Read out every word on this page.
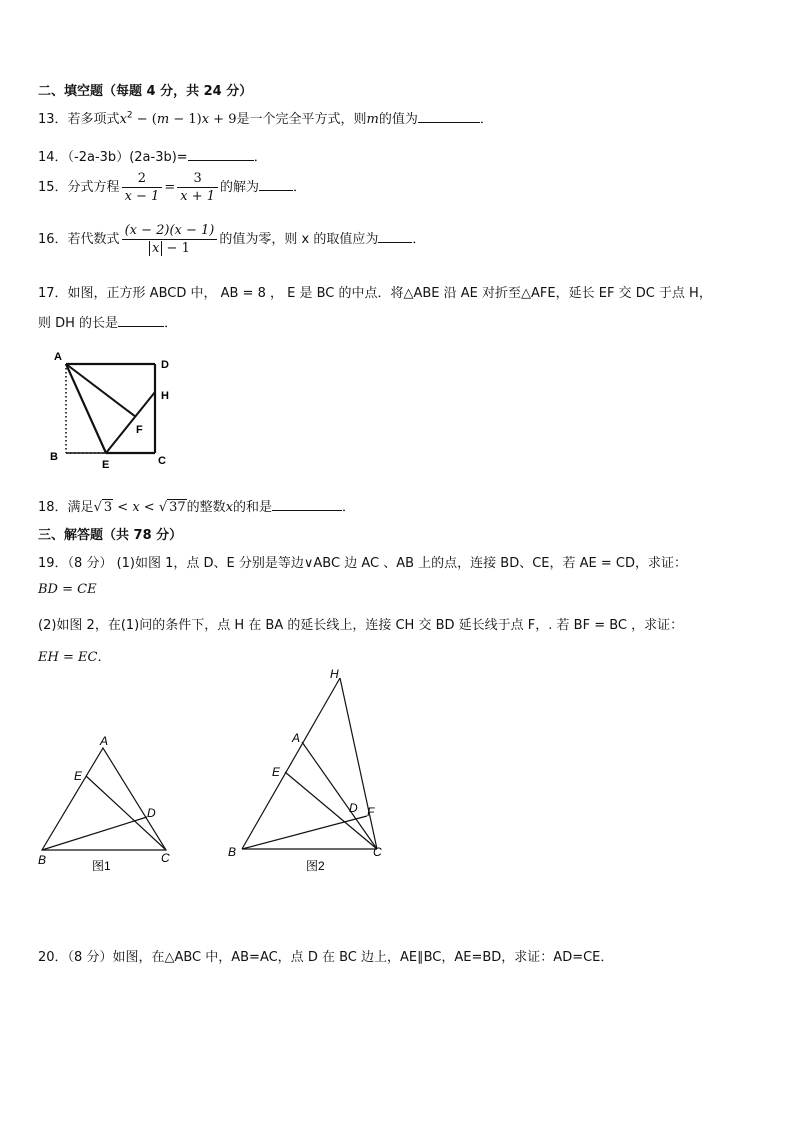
二、填空题（每题 4 分，共 24 分）
13．若多项式$x^2 - (m - 1)x + 9$是一个完全平方式，则m的值为	．
14．（-2a-3b）(2a-3b)=	．
15．分式方程 $\frac{2}{x - 1} = \frac{3}{x + 1}$ 的解为	．
16．若代数式 $\frac{(x - 2)(x - 1)}{x - 1}$ 的值为零，则 x 的取值应为	．
17．如图，正方形 ABCD 中， AB = 8 ， E 是 BC 的中点．将△ABE 沿 AE 对折至△AFE，延长 EF 交 DC 于点 H，
则 DH 的长是	．
A
D
H
F
B
E	C
18．满足√ 3 < x < √ 37的整数x的和是	．
三、解答题（共 78 分）
19．（8 分） (1)如图 1，点 D、E 分别是等边∨ABC 边 AC 、AB 上的点，连接 BD、CE，若 AE = CD，求证：
BD = CE
(2)如图 2，在(1)问的条件下，点 H 在 BA 的延长线上，连接 CH 交 BD 延长线于点 F，. 若 BF = BC ，求证：
EH = EC．
A
E
D
B	C
图1
H
A
E
D F
B	C
图2
20．（8 分）如图，在△ABC 中，AB=AC，点 D 在 BC 边上，AE∥BC，AE=BD，求证：AD=CE．
